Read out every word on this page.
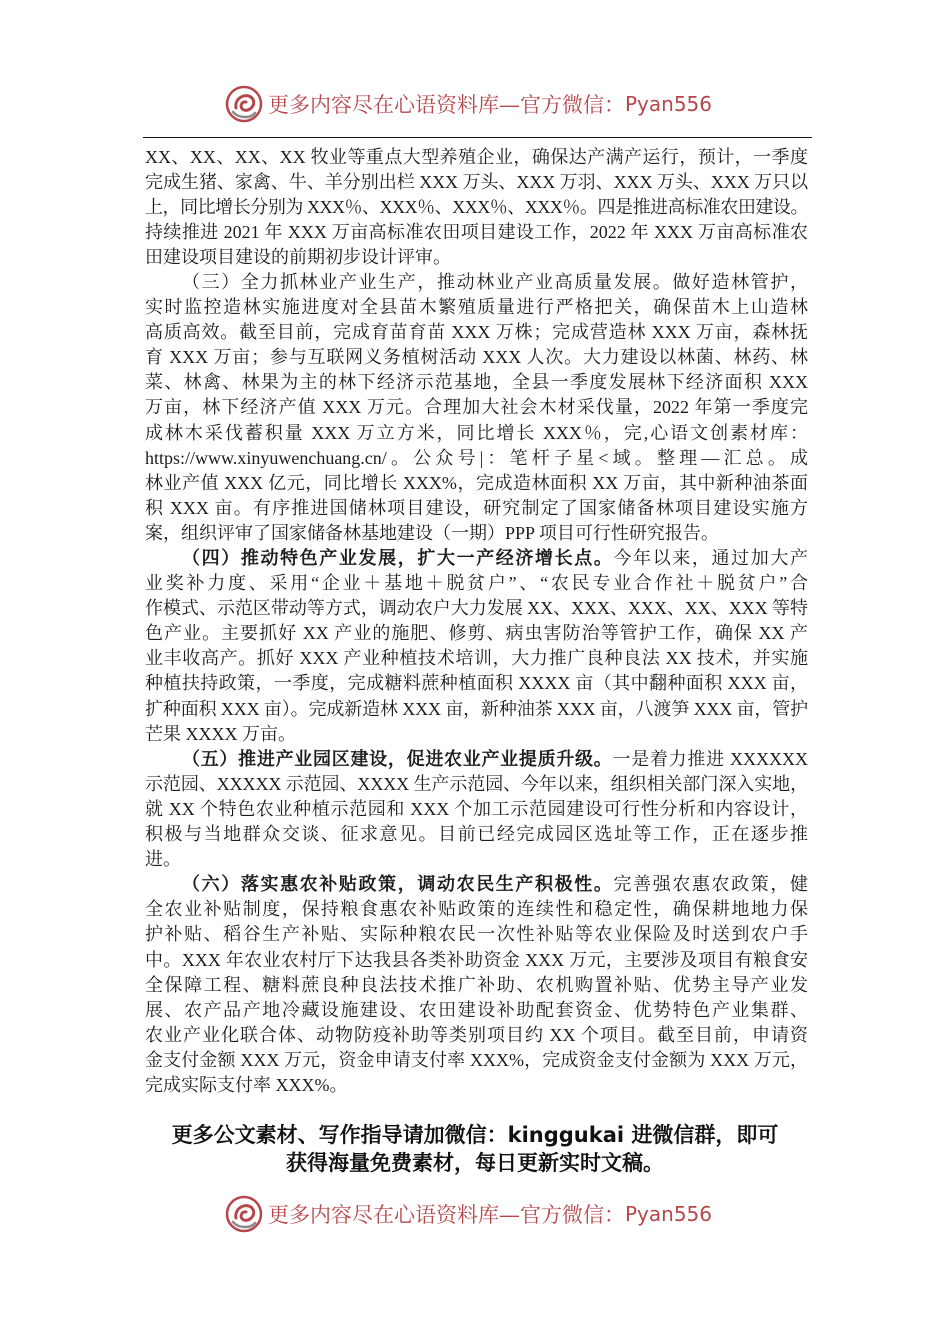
更多内容尽在心语资料库—官方微信： Pyan556
XX、XX、XX、XX 牧业等重点大型养殖企业，确保达产满产运行，预计，一季度
完成生猪、家禽、牛、羊分别出栏 XXX 万头、XXX 万羽、XXX 万头、XXX 万只以
上，同比增长分别为 XXX％、XXX％、XXX％、XXX％。四是推进高标准农田建设。
持续推进 2021 年 XXX 万亩高标准农田项目建设工作，2022 年 XXX 万亩高标准农
田建设项目建设的前期初步设计评审。
（三）全力抓林业产业生产，推动林业产业高质量发展。做好造林管护，
实时监控造林实施进度对全县苗木繁殖质量进行严格把关，确保苗木上山造林
高质高效。截至目前，完成育苗育苗 XXX 万株；完成营造林 XXX 万亩，森林抚
育 XXX 万亩；参与互联网义务植树活动 XXX 人次。大力建设以林菌、林药、林
菜、林禽、林果为主的林下经济示范基地，全县一季度发展林下经济面积 XXX
万亩，林下经济产值 XXX 万元。合理加大社会木材采伐量，2022 年第一季度完
成林木采伐蓄积量 XXX 万立方米，同比增长 XXX％，完,心语文创素材库：
https://www.xinyuwenchuang.cn/。公众号|：笔杆子星<域。整理—汇总。成
林业产值 XXX 亿元，同比增长 XXX%，完成造林面积 XX 万亩，其中新种油茶面
积 XXX 亩。有序推进国储林项目建设，研究制定了国家储备林项目建设实施方
案，组织评审了国家储备林基地建设（一期）PPP 项目可行性研究报告。
（四）推动特色产业发展，扩大一产经济增长点。今年以来，通过加大产
业奖补力度、采用“企业＋基地＋脱贫户”、“农民专业合作社＋脱贫户”合
作模式、示范区带动等方式，调动农户大力发展 XX、XXX、XXX、XX、XXX 等特
色产业。主要抓好 XX 产业的施肥、修剪、病虫害防治等管护工作，确保 XX 产
业丰收高产。抓好 XXX 产业种植技术培训，大力推广良种良法 XX 技术，并实施
种植扶持政策，一季度，完成糖料蔗种植面积 XXXX 亩（其中翻种面积 XXX 亩，
扩种面积 XXX 亩）。完成新造林 XXX 亩，新种油茶 XXX 亩，八渡笋 XXX 亩，管护
芒果 XXXX 万亩。
（五）推进产业园区建设，促进农业产业提质升级。一是着力推进 XXXXXX
示范园、XXXXX 示范园、XXXX 生产示范园、今年以来，组织相关部门深入实地，
就 XX 个特色农业种植示范园和 XXX 个加工示范园建设可行性分析和内容设计，
积极与当地群众交谈、征求意见。目前已经完成园区选址等工作，正在逐步推
进。
（六）落实惠农补贴政策，调动农民生产积极性。完善强农惠农政策，健
全农业补贴制度，保持粮食惠农补贴政策的连续性和稳定性，确保耕地地力保
护补贴、稻谷生产补贴、实际种粮农民一次性补贴等农业保险及时送到农户手
中。XXX 年农业农村厅下达我县各类补助资金 XXX 万元，主要涉及项目有粮食安
全保障工程、糖料蔗良种良法技术推广补助、农机购置补贴、优势主导产业发
展、农产品产地冷藏设施建设、农田建设补助配套资金、优势特色产业集群、
农业产业化联合体、动物防疫补助等类别项目约 XX 个项目。截至目前，申请资
金支付金额 XXX 万元，资金申请支付率 XXX%，完成资金支付金额为 XXX 万元，
完成实际支付率 XXX%。
更多公文素材、写作指导请加微信：kinggukai 进微信群，即可
获得海量免费素材，每日更新实时文稿。
更多内容尽在心语资料库—官方微信： Pyan556
